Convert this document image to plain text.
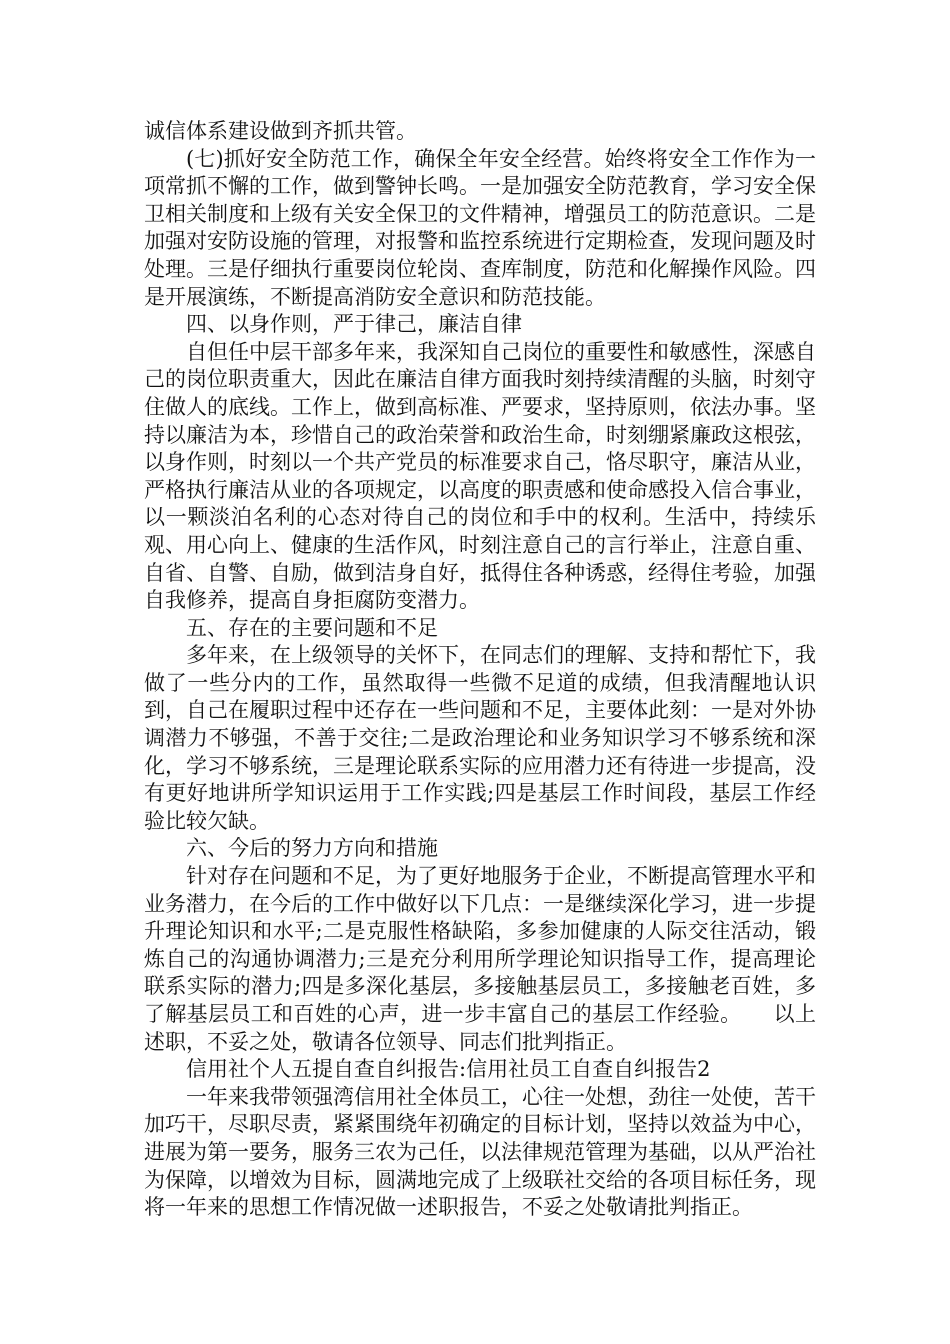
诚信体系建设做到齐抓共管。

(七)抓好安全防范工作，确保全年安全经营。始终将安全工作作为一项常抓不懈的工作，做到警钟长鸣。一是加强安全防范教育，学习安全保卫相关制度和上级有关安全保卫的文件精神，增强员工的防范意识。二是加强对安防设施的管理，对报警和监控系统进行定期检查，发现问题及时处理。三是仔细执行重要岗位轮岗、查库制度，防范和化解操作风险。四是开展演练，不断提高消防安全意识和防范技能。

四、以身作则，严于律己，廉洁自律

自但任中层干部多年来，我深知自己岗位的重要性和敏感性，深感自己的岗位职责重大，因此在廉洁自律方面我时刻持续清醒的头脑，时刻守住做人的底线。工作上，做到高标准、严要求，坚持原则，依法办事。坚持以廉洁为本，珍惜自己的政治荣誉和政治生命，时刻绷紧廉政这根弦，以身作则，时刻以一个共产党员的标准要求自己，恪尽职守，廉洁从业，严格执行廉洁从业的各项规定，以高度的职责感和使命感投入信合事业，以一颗淡泊名利的心态对待自己的岗位和手中的权利。生活中，持续乐观、用心向上、健康的生活作风，时刻注意自己的言行举止，注意自重、自省、自警、自励，做到洁身自好，抵得住各种诱惑，经得住考验，加强自我修养，提高自身拒腐防变潜力。

五、存在的主要问题和不足

多年来，在上级领导的关怀下，在同志们的理解、支持和帮忙下，我做了一些分内的工作，虽然取得一些微不足道的成绩，但我清醒地认识到，自己在履职过程中还存在一些问题和不足，主要体此刻：一是对外协调潜力不够强，不善于交往;二是政治理论和业务知识学习不够系统和深化，学习不够系统，三是理论联系实际的应用潜力还有待进一步提高，没有更好地讲所学知识运用于工作实践;四是基层工作时间段，基层工作经验比较欠缺。

六、今后的努力方向和措施

针对存在问题和不足，为了更好地服务于企业，不断提高管理水平和业务潜力，在今后的工作中做好以下几点：一是继续深化学习，进一步提升理论知识和水平;二是克服性格缺陷，多参加健康的人际交往活动，锻炼自己的沟通协调潜力;三是充分利用所学理论知识指导工作，提高理论联系实际的潜力;四是多深化基层，多接触基层员工，多接触老百姓，多了解基层员工和百姓的心声，进一步丰富自己的基层工作经验。　　以上述职，不妥之处，敬请各位领导、同志们批判指正。

信用社个人五提自查自纠报告:信用社员工自查自纠报告2

一年来我带领强湾信用社全体员工，心往一处想，劲往一处使，苦干加巧干，尽职尽责，紧紧围绕年初确定的目标计划，坚持以效益为中心，进展为第一要务，服务三农为己任，以法律规范管理为基础，以从严治社为保障，以增效为目标，圆满地完成了上级联社交给的各项目标任务，现将一年来的思想工作情况做一述职报告，不妥之处敬请批判指正。
